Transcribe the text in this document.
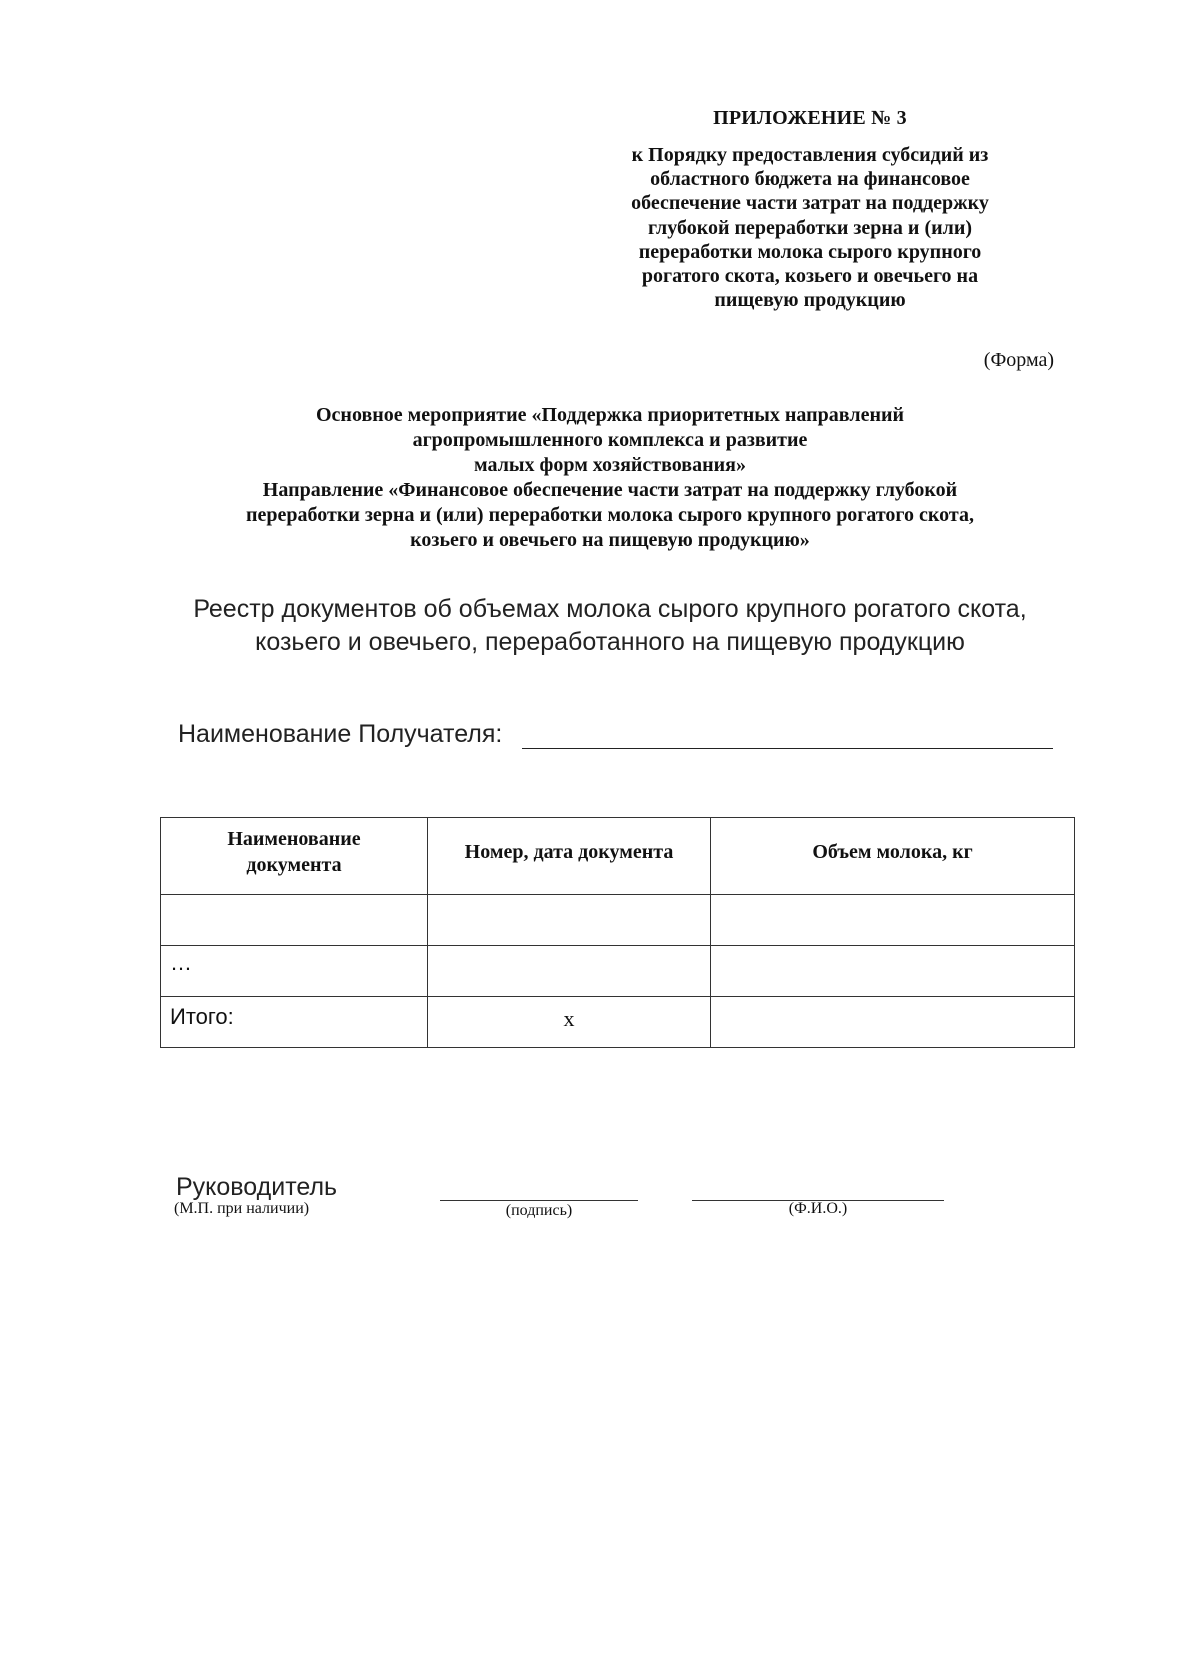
ПРИЛОЖЕНИЕ № 3
к Порядку предоставления субсидий из
областного бюджета на финансовое
обеспечение части затрат на поддержку
глубокой переработки зерна и (или)
переработки молока сырого крупного
рогатого скота, козьего и овечьего на
пищевую продукцию
(Форма)
Основное мероприятие «Поддержка приоритетных направлений
агропромышленного комплекса и развитие
малых форм хозяйствования»
Направление «Финансовое обеспечение части затрат на поддержку глубокой
переработки зерна и (или) переработки молока сырого крупного рогатого скота,
козьего и овечьего на пищевую продукцию»
Реестр документов об объемах молока сырого крупного рогатого скота,
козьего и овечьего, переработанного на пищевую продукцию
Наименование Получателя:
Наименование документа	Номер, дата документа	Объем молока, кг

…		

Итого:	х	

Руководитель
(М.П. при наличии)	(подпись)	(Ф.И.О.)
